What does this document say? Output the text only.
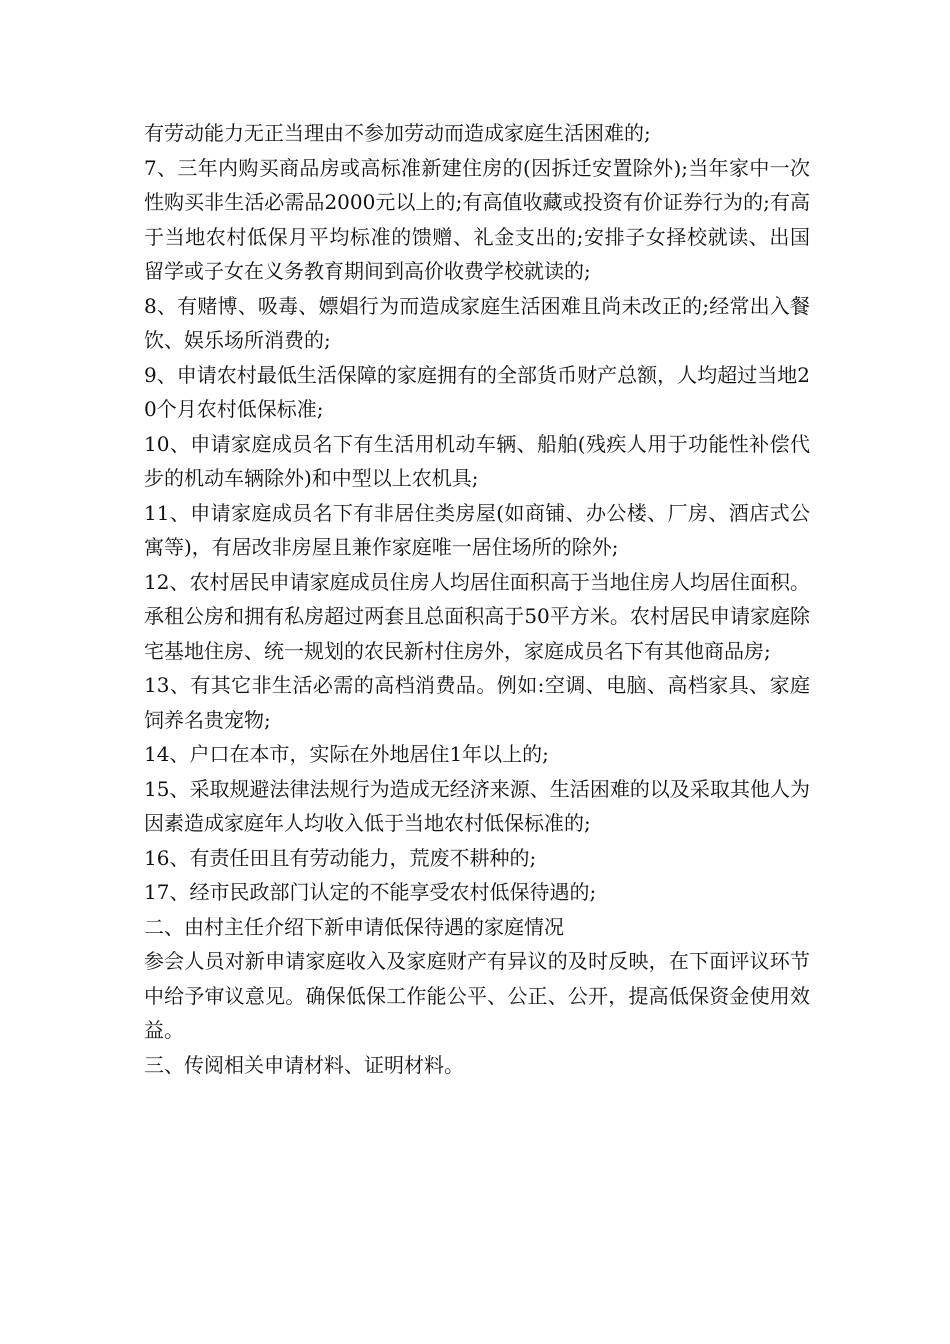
有劳动能力无正当理由不参加劳动而造成家庭生活困难的;

7、三年内购买商品房或高标准新建住房的(因拆迁安置除外);当年家中一次性购买非生活必需品2000元以上的;有高值收藏或投资有价证券行为的;有高于当地农村低保月平均标准的馈赠、礼金支出的;安排子女择校就读、出国留学或子女在义务教育期间到高价收费学校就读的;

8、有赌博、吸毒、嫖娼行为而造成家庭生活困难且尚未改正的;经常出入餐饮、娱乐场所消费的;

9、申请农村最低生活保障的家庭拥有的全部货币财产总额，人均超过当地20个月农村低保标准;

10、申请家庭成员名下有生活用机动车辆、船舶(残疾人用于功能性补偿代步的机动车辆除外)和中型以上农机具;

11、申请家庭成员名下有非居住类房屋(如商铺、办公楼、厂房、酒店式公寓等)，有居改非房屋且兼作家庭唯一居住场所的除外;

12、农村居民申请家庭成员住房人均居住面积高于当地住房人均居住面积。承租公房和拥有私房超过两套且总面积高于50平方米。农村居民申请家庭除宅基地住房、统一规划的农民新村住房外，家庭成员名下有其他商品房;

13、有其它非生活必需的高档消费品。例如:空调、电脑、高档家具、家庭饲养名贵宠物;

14、户口在本市，实际在外地居住1年以上的;

15、采取规避法律法规行为造成无经济来源、生活困难的以及采取其他人为因素造成家庭年人均收入低于当地农村低保标准的;

16、有责任田且有劳动能力，荒废不耕种的;

17、经市民政部门认定的不能享受农村低保待遇的;

二、由村主任介绍下新申请低保待遇的家庭情况

参会人员对新申请家庭收入及家庭财产有异议的及时反映，在下面评议环节中给予审议意见。确保低保工作能公平、公正、公开，提高低保资金使用效益。

三、传阅相关申请材料、证明材料。
